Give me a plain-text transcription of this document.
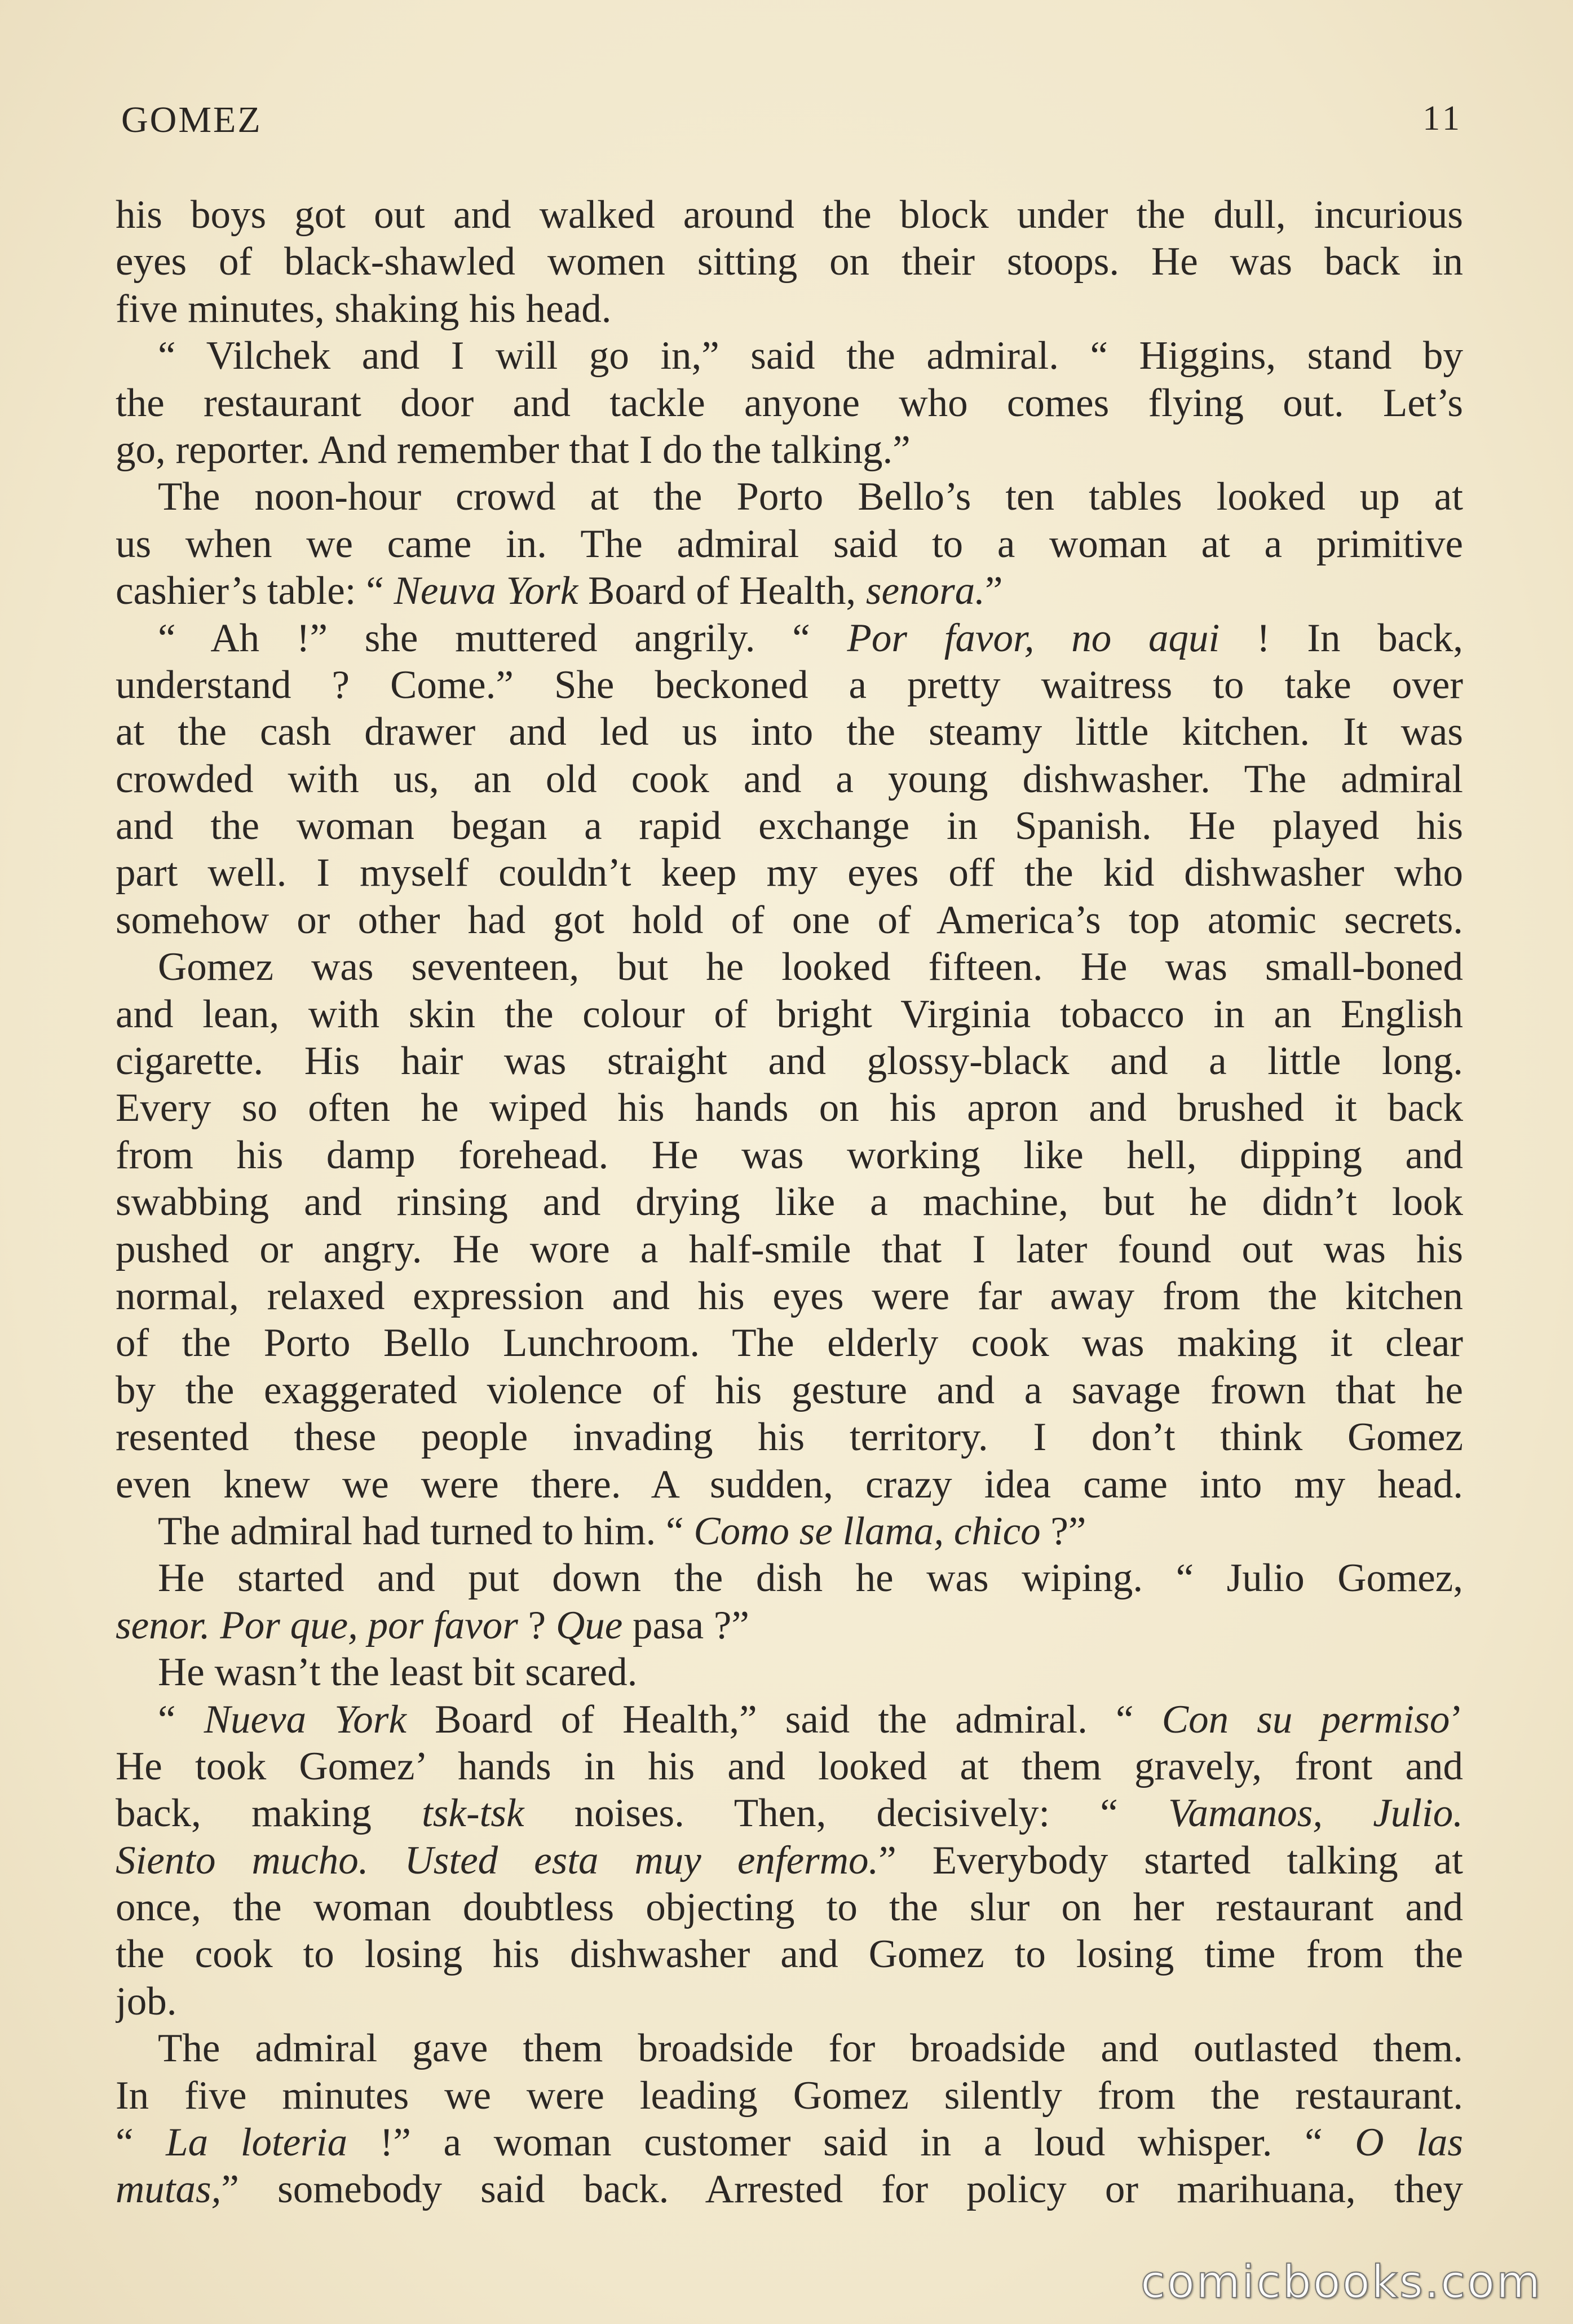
GOMEZ	11
his boys got out and walked around the block under the dull, incurious
eyes of black-shawled women sitting on their stoops. He was back in
five minutes, shaking his head.
“ Vilchek and I will go in,” said the admiral. “ Higgins, stand by
the restaurant door and tackle anyone who comes flying out. Let’s
go, reporter. And remember that I do the talking.”
The noon-hour crowd at the Porto Bello’s ten tables looked up at
us when we came in. The admiral said to a woman at a primitive
cashier’s table: “ Neuva York Board of Health, senora.”
“ Ah !” she muttered angrily. “ Por favor, no aqui ! In back,
understand ? Come.” She beckoned a pretty waitress to take over
at the cash drawer and led us into the steamy little kitchen. It was
crowded with us, an old cook and a young dishwasher. The admiral
and the woman began a rapid exchange in Spanish. He played his
part well. I myself couldn’t keep my eyes off the kid dishwasher who
somehow or other had got hold of one of America’s top atomic secrets.
Gomez was seventeen, but he looked fifteen. He was small-boned
and lean, with skin the colour of bright Virginia tobacco in an English
cigarette. His hair was straight and glossy-black and a little long.
Every so often he wiped his hands on his apron and brushed it back
from his damp forehead. He was working like hell, dipping and
swabbing and rinsing and drying like a machine, but he didn’t look
pushed or angry. He wore a half-smile that I later found out was his
normal, relaxed expression and his eyes were far away from the kitchen
of the Porto Bello Lunchroom. The elderly cook was making it clear
by the exaggerated violence of his gesture and a savage frown that he
resented these people invading his territory. I don’t think Gomez
even knew we were there. A sudden, crazy idea came into my head.
The admiral had turned to him. “ Como se llama, chico ?”
He started and put down the dish he was wiping. “ Julio Gomez,
senor. Por que, por favor ? Que pasa ?”
He wasn’t the least bit scared.
“ Nueva York Board of Health,” said the admiral. “ Con su permiso’
He took Gomez’ hands in his and looked at them gravely, front and
back, making tsk-tsk noises. Then, decisively: “ Vamanos, Julio.
Siento mucho. Usted esta muy enfermo.” Everybody started talking at
once, the woman doubtless objecting to the slur on her restaurant and
the cook to losing his dishwasher and Gomez to losing time from the
job.
The admiral gave them broadside for broadside and outlasted them.
In five minutes we were leading Gomez silently from the restaurant.
“ La loteria !” a woman customer said in a loud whisper. “ O las
mutas,” somebody said back. Arrested for policy or marihuana, they
comicbooks.com
